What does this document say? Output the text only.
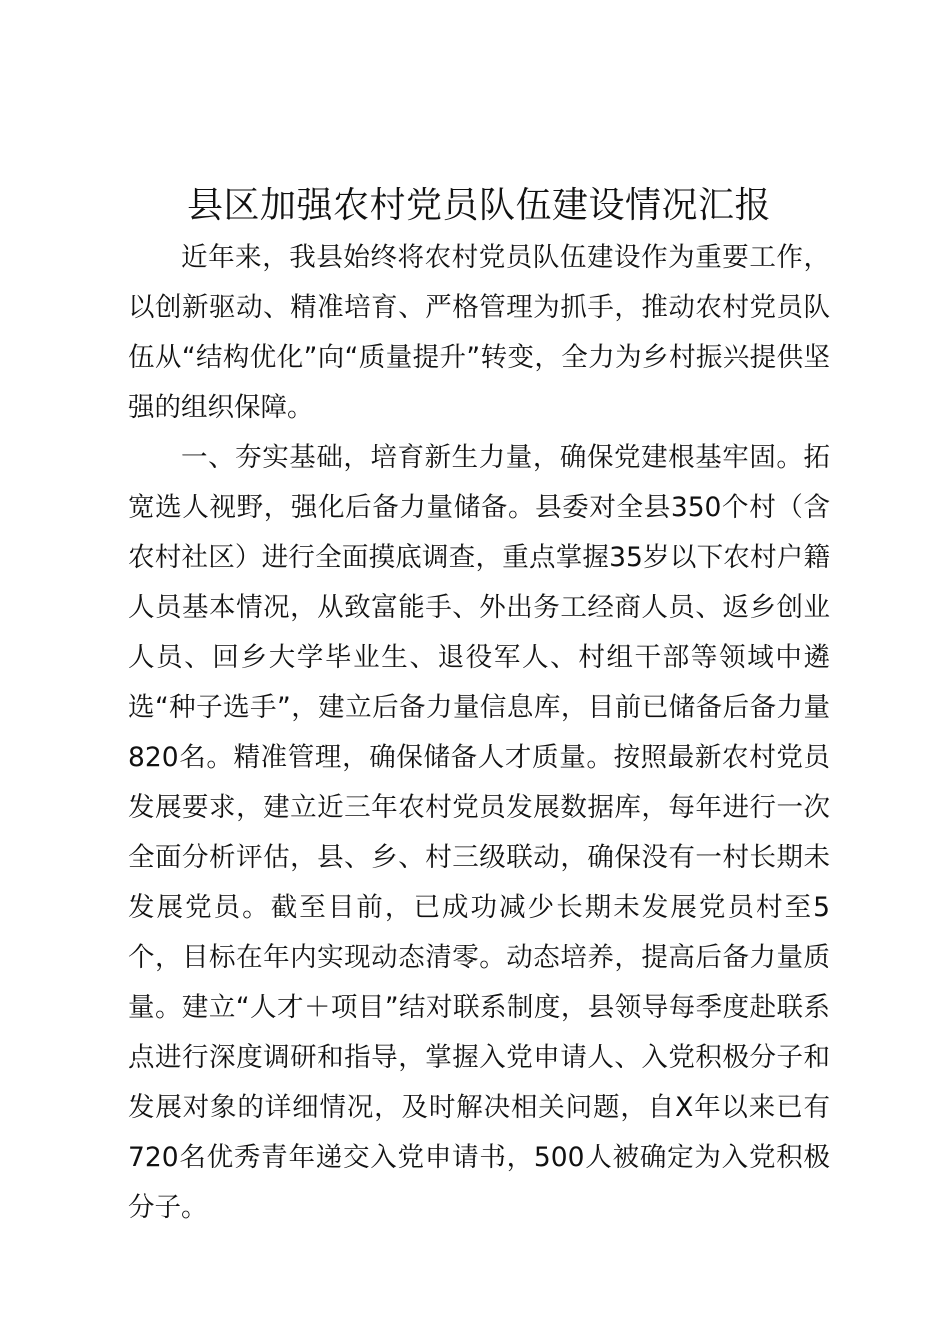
县区加强农村党员队伍建设情况汇报

近年来，我县始终将农村党员队伍建设作为重要工作，以创新驱动、精准培育、严格管理为抓手，推动农村党员队伍从“结构优化”向“质量提升”转变，全力为乡村振兴提供坚强的组织保障。

一、夯实基础，培育新生力量，确保党建根基牢固。拓宽选人视野，强化后备力量储备。县委对全县350个村（含农村社区）进行全面摸底调查，重点掌握35岁以下农村户籍人员基本情况，从致富能手、外出务工经商人员、返乡创业人员、回乡大学毕业生、退役军人、村组干部等领域中遴选“种子选手”，建立后备力量信息库，目前已储备后备力量820名。精准管理，确保储备人才质量。按照最新农村党员发展要求，建立近三年农村党员发展数据库，每年进行一次全面分析评估，县、乡、村三级联动，确保没有一村长期未发展党员。截至目前，已成功减少长期未发展党员村至5个，目标在年内实现动态清零。动态培养，提高后备力量质量。建立“人才＋项目”结对联系制度，县领导每季度赴联系点进行深度调研和指导，掌握入党申请人、入党积极分子和发展对象的详细情况，及时解决相关问题，自X年以来已有720名优秀青年递交入党申请书，500人被确定为入党积极分子。
